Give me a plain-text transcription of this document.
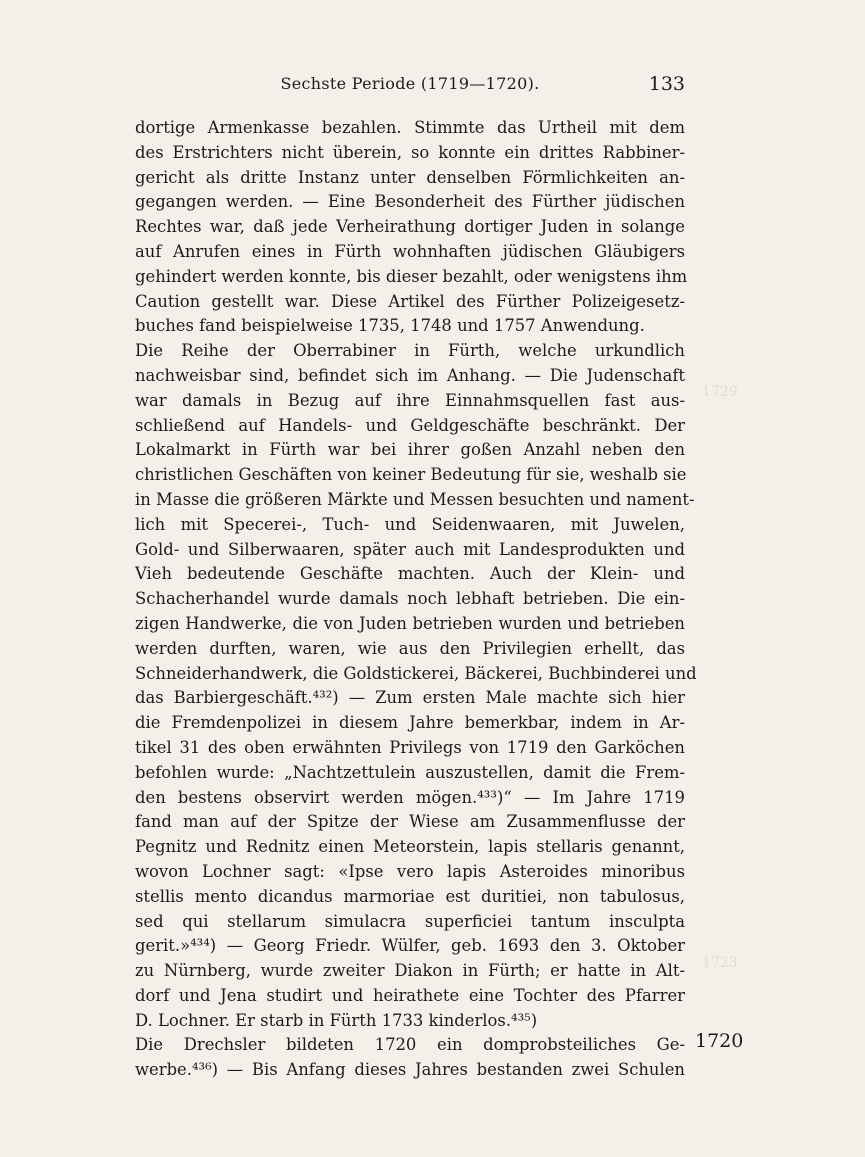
Sechste Periode (1719—1720).	133
1729
1723
dortige Armenkasse bezahlen. Stimmte das Urtheil mit dem
des Erstrichters nicht überein, so konnte ein drittes Rabbiner-
gericht als dritte Instanz unter denselben Förmlichkeiten an-
gegangen werden. — Eine Besonderheit des Fürther jüdischen
Rechtes war, daß jede Verheirathung dortiger Juden in solange
auf Anrufen eines in Fürth wohnhaften jüdischen Gläubigers
gehindert werden konnte, bis dieser bezahlt, oder wenigstens ihm
Caution gestellt war. Diese Artikel des Fürther Polizeigesetz-
buches fand beispielweise 1735, 1748 und 1757 Anwendung.
Die Reihe der Oberrabiner in Fürth, welche urkundlich
nachweisbar sind, befindet sich im Anhang. — Die Judenschaft
war damals in Bezug auf ihre Einnahmsquellen fast aus-
schließend auf Handels- und Geldgeschäfte beschränkt. Der
Lokalmarkt in Fürth war bei ihrer goßen Anzahl neben den
christlichen Geschäften von keiner Bedeutung für sie, weshalb sie
in Masse die größeren Märkte und Messen besuchten und nament-
lich mit Specerei-, Tuch- und Seidenwaaren, mit Juwelen,
Gold- und Silberwaaren, später auch mit Landesprodukten und
Vieh bedeutende Geschäfte machten. Auch der Klein- und
Schacherhandel wurde damals noch lebhaft betrieben. Die ein-
zigen Handwerke, die von Juden betrieben wurden und betrieben
werden durften, waren, wie aus den Privilegien erhellt, das
Schneiderhandwerk, die Goldstickerei, Bäckerei, Buchbinderei und
das Barbiergeschäft.⁴³²) — Zum ersten Male machte sich hier
die Fremdenpolizei in diesem Jahre bemerkbar, indem in Ar-
tikel 31 des oben erwähnten Privilegs von 1719 den Garköchen
befohlen wurde: „Nachtzettulein auszustellen, damit die Frem-
den bestens observirt werden mögen.⁴³³)“ — Im Jahre 1719
fand man auf der Spitze der Wiese am Zusammenflusse der
Pegnitz und Rednitz einen Meteorstein, lapis stellaris genannt,
wovon Lochner sagt: «Ipse vero lapis Asteroides minoribus
stellis mento dicandus marmoriae est duritiei, non tabulosus,
sed qui stellarum simulacra superficiei tantum insculpta
gerit.»⁴³⁴) — Georg Friedr. Wülfer, geb. 1693 den 3. Oktober
zu Nürnberg, wurde zweiter Diakon in Fürth; er hatte in Alt-
dorf und Jena studirt und heirathete eine Tochter des Pfarrer
D. Lochner. Er starb in Fürth 1733 kinderlos.⁴³⁵)
Die Drechsler bildeten 1720 ein domprobsteiliches Ge-
werbe.⁴³⁶) — Bis Anfang dieses Jahres bestanden zwei Schulen
1720
